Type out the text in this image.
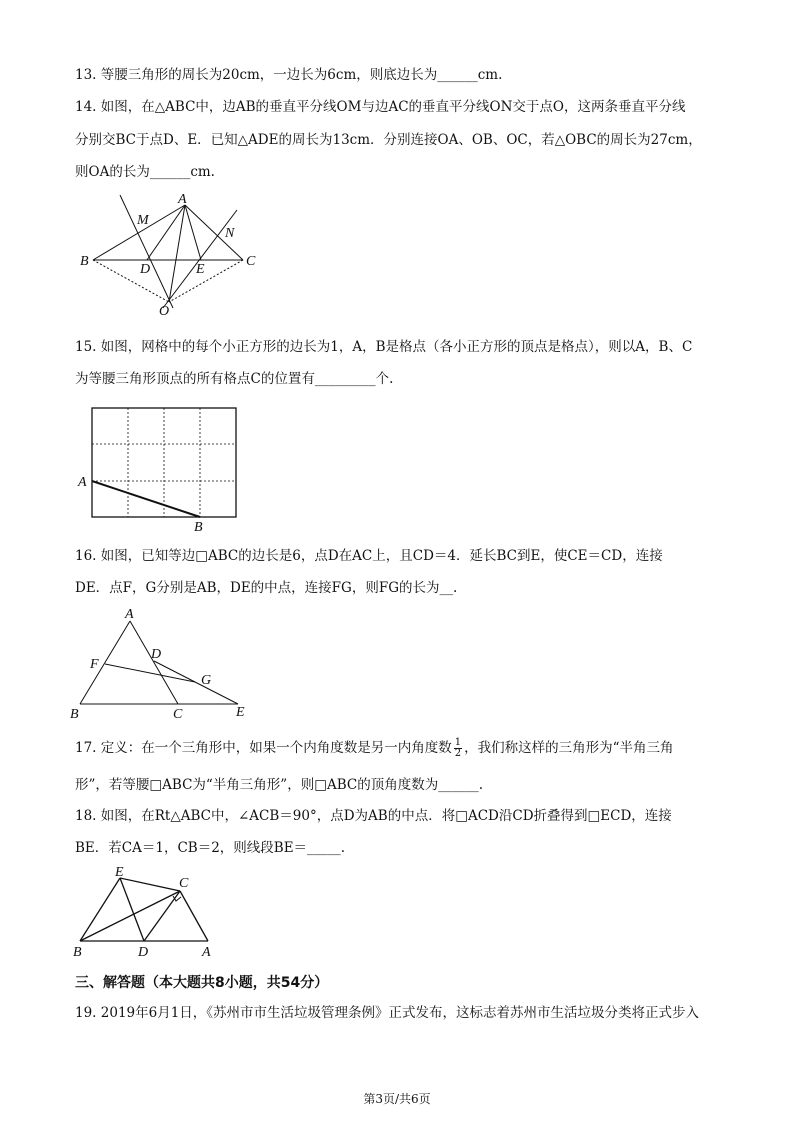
13. 等腰三角形的周长为20cm，一边长为6cm，则底边长为______cm.
14. 如图，在△ABC中，边AB的垂直平分线OM与边AC的垂直平分线ON交于点O，这两条垂直平分线
分别交BC于点D、E．已知△ADE的周长为13cm．分别连接OA、OB、OC，若△OBC的周长为27cm，
则OA的长为______cm.
A
M
N
B	C
D	E
O
15. 如图，网格中的每个小正方形的边长为1，A，B是格点（各小正方形的顶点是格点），则以A，B、C
为等腰三角形顶点的所有格点C的位置有_________个.
A
B
16. 如图，已知等边□ABC的边长是6，点D在AC上，且CD＝4．延长BC到E，使CE＝CD，连接
DE．点F，G分别是AB，DE的中点，连接FG，则FG的长为__.
A
D
F
G
B	C	E
17. 定义：在一个三角形中，如果一个内角度数是另一内角度数 $\frac{1}{2}$ ，我们称这样的三角形为“半角三角
形”，若等腰□ABC为“半角三角形”，则□ABC的顶角度数为______.
18. 如图，在Rt△ABC中，∠ACB＝90°，点D为AB的中点．将□ACD沿CD折叠得到□ECD，连接
BE．若CA＝1，CB＝2，则线段BE＝_____.
E
C
B	D	A
三、解答题（本大题共8小题，共54分）
19. 2019年6月1日，《苏州市市生活垃圾管理条例》正式发布，这标志着苏州市生活垃圾分类将正式步入
第3页/共6页
